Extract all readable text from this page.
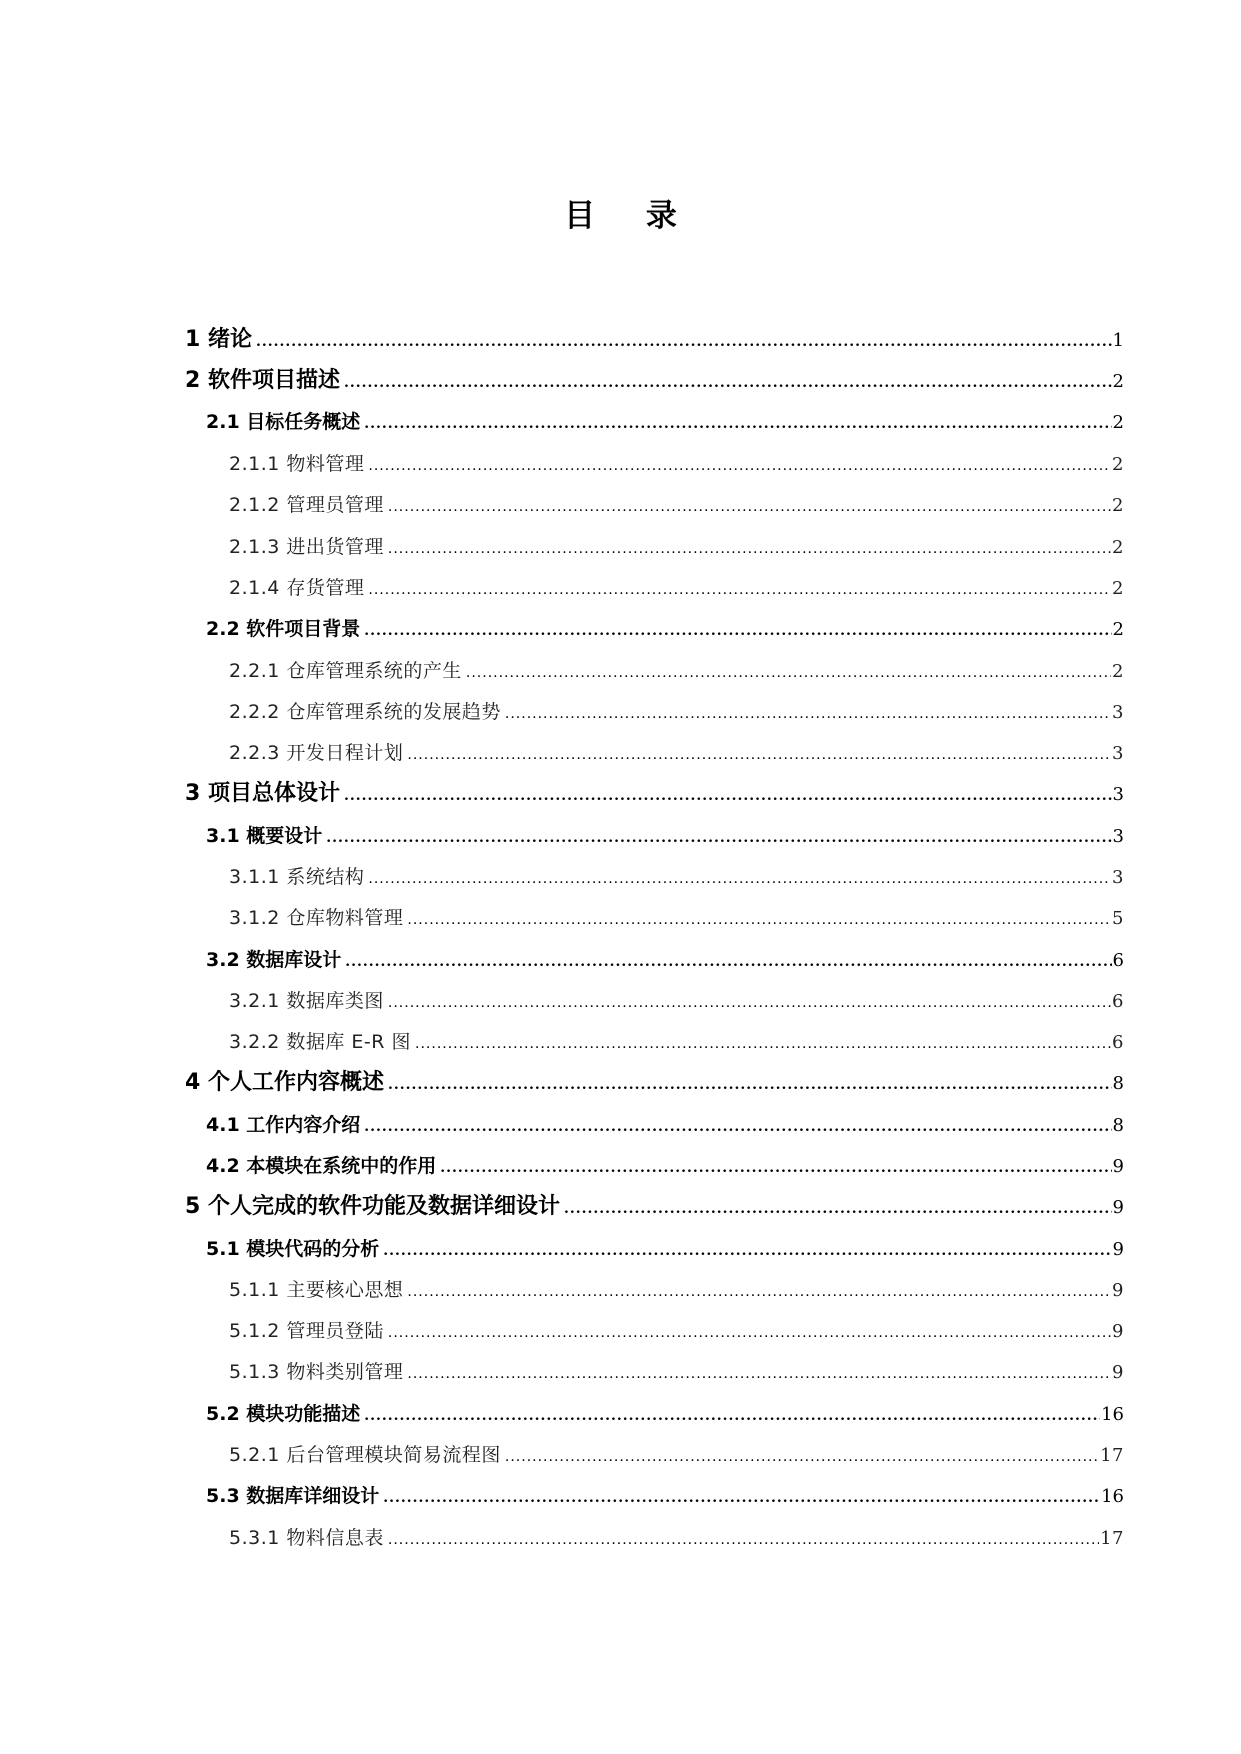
目 录
1 绪论 .....	1
2 软件项目描述 .....	2
2.1 目标任务概述 .....	2
2.1.1 物料管理 .....	2
2.1.2 管理员管理 .....	2
2.1.3 进出货管理 .....	2
2.1.4 存货管理 .....	2
2.2 软件项目背景 .....	2
2.2.1 仓库管理系统的产生 .....	2
2.2.2 仓库管理系统的发展趋势 .....	3
2.2.3 开发日程计划 .....	3
3 项目总体设计 .....	3
3.1 概要设计 .....	3
3.1.1 系统结构 .....	3
3.1.2 仓库物料管理 .....	5
3.2 数据库设计 .....	6
3.2.1 数据库类图 .....	6
3.2.2 数据库 E-R 图 .....	6
4 个人工作内容概述 .....	8
4.1 工作内容介绍 .....	8
4.2 本模块在系统中的作用 .....	9
5 个人完成的软件功能及数据详细设计 .....	9
5.1 模块代码的分析 .....	9
5.1.1 主要核心思想 .....	9
5.1.2 管理员登陆 .....	9
5.1.3 物料类别管理 .....	9
5.2 模块功能描述 .....	16
5.2.1 后台管理模块简易流程图 .....	17
5.3 数据库详细设计 .....	16
5.3.1 物料信息表 .....	17
